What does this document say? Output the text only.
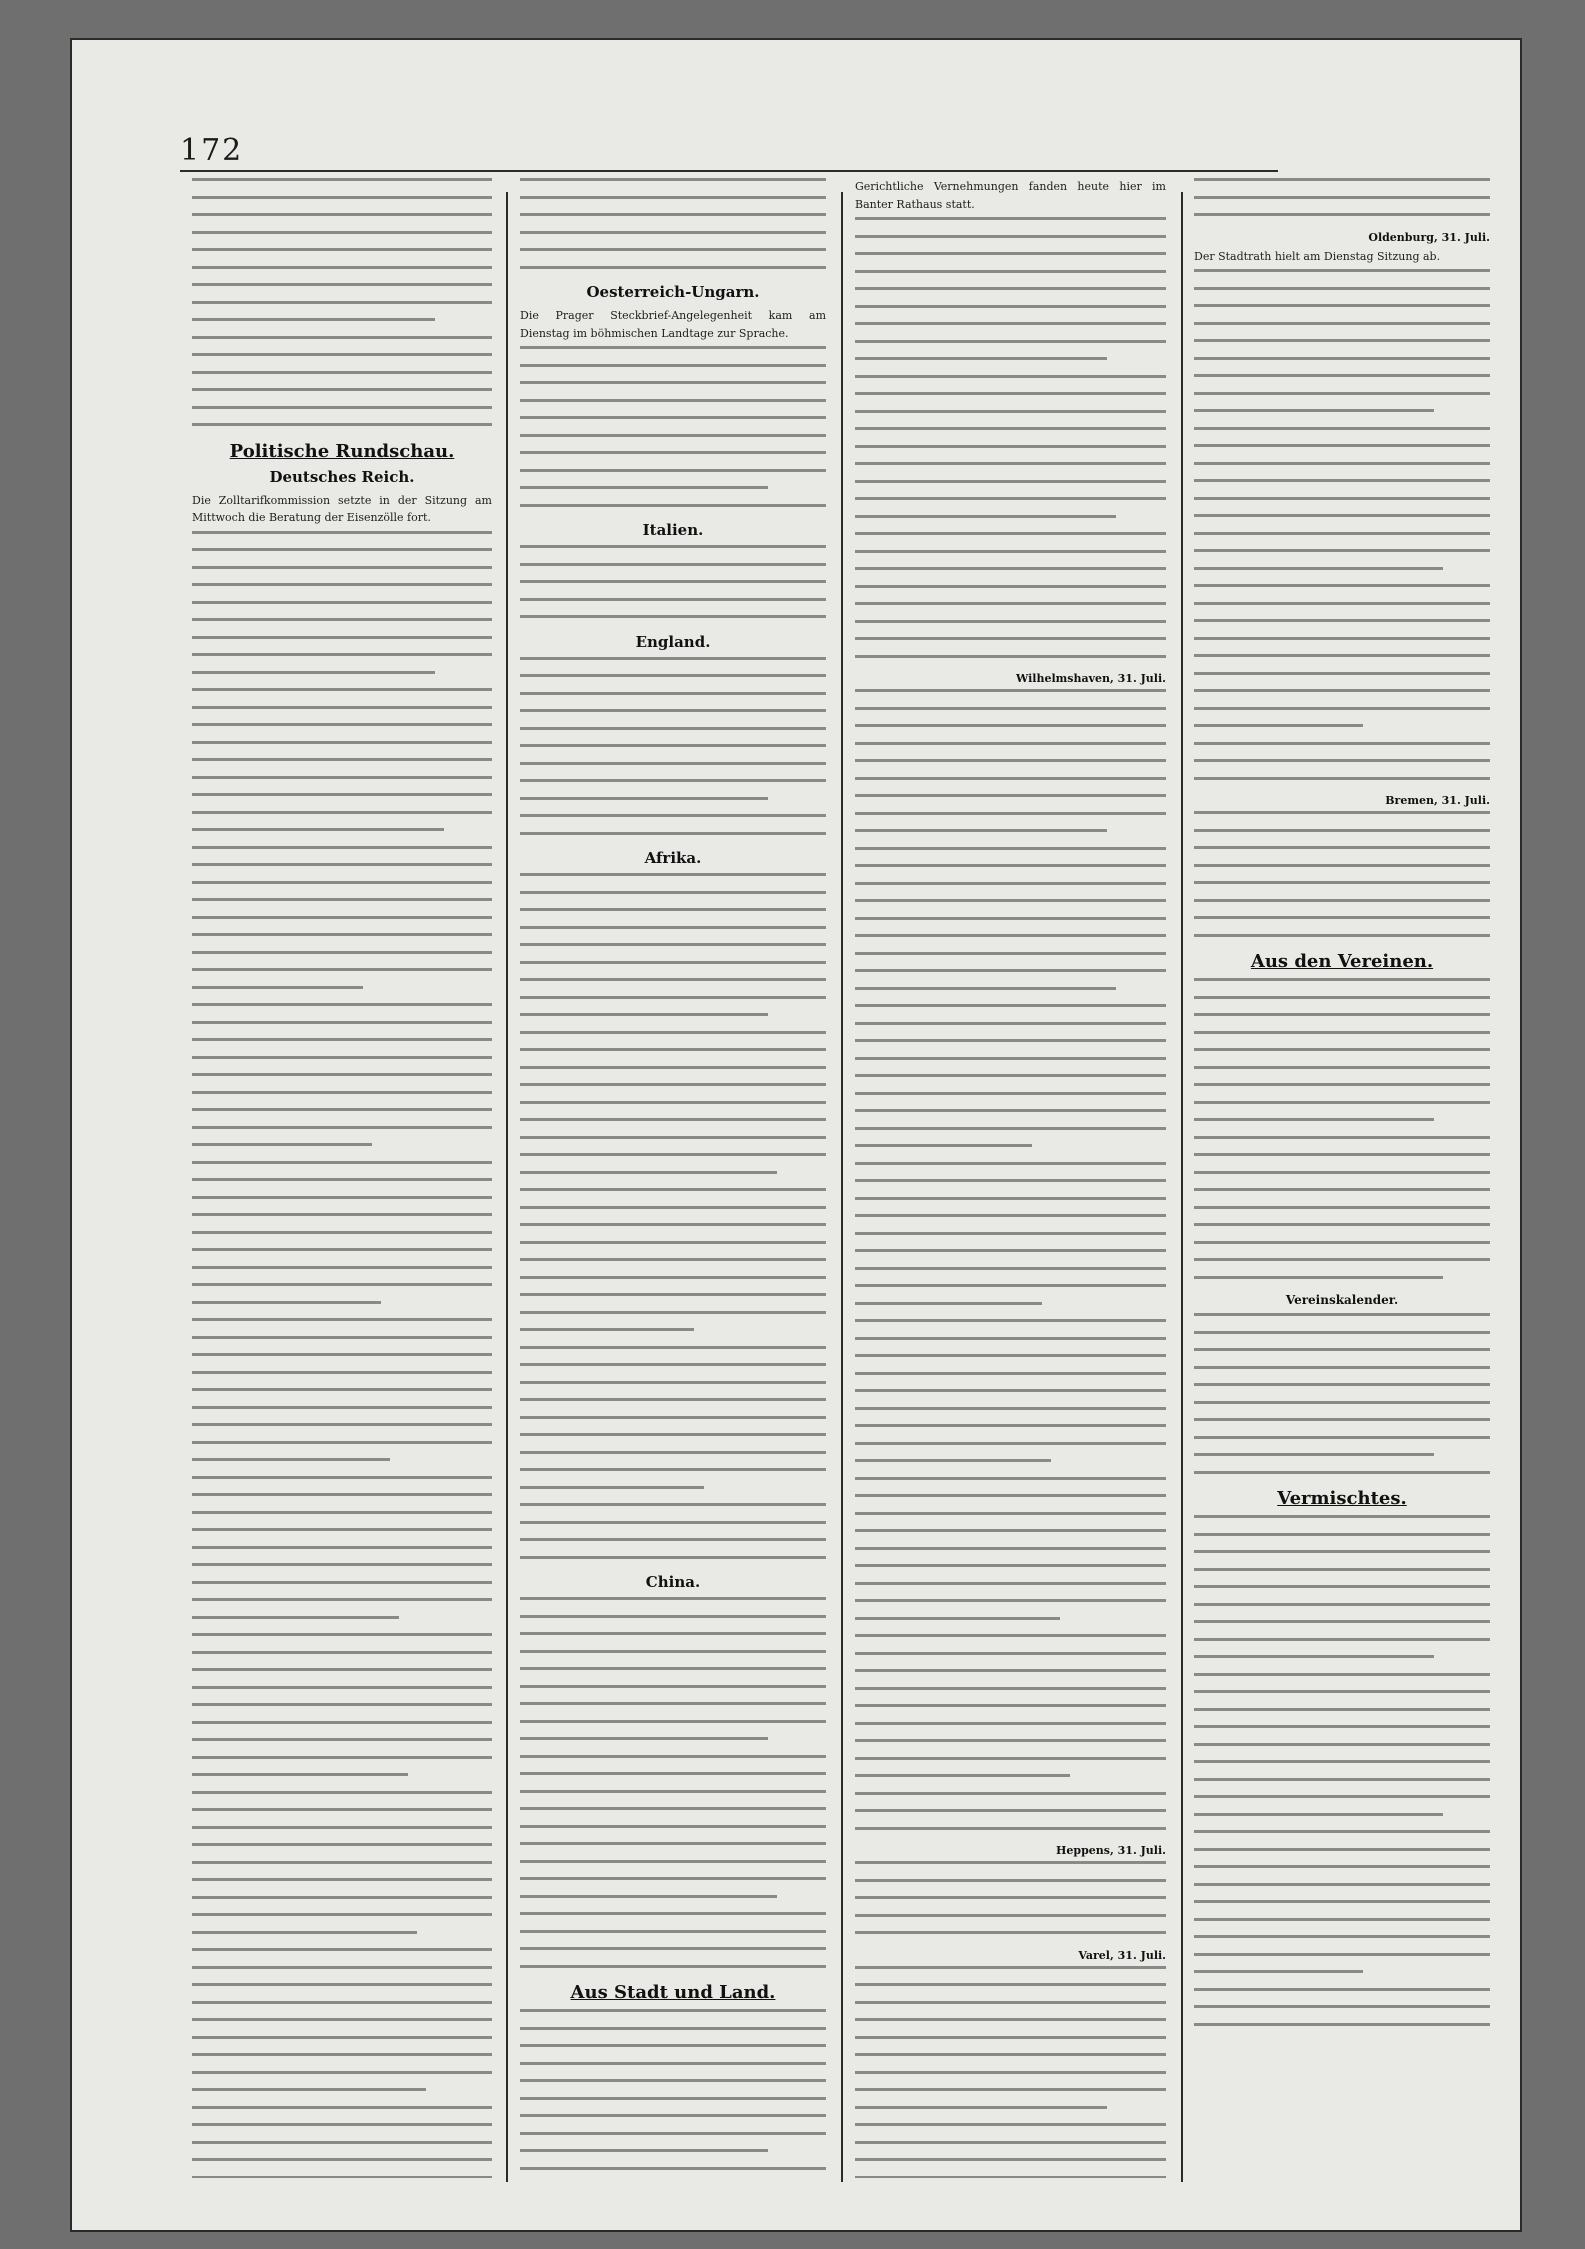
172
Politische Rundschau.
Deutsches Reich.
Die Zolltarifkommission setzte in der Sitzung am Mittwoch die Beratung der Eisenzölle fort.
Oesterreich-Ungarn.
Die Prager Steckbrief-Angelegenheit kam am Dienstag im böhmischen Landtage zur Sprache.
Italien.
England.
Afrika.
China.
Aus Stadt und Land.
Gerichtliche Vernehmungen fanden heute hier im Banter Rathaus statt.
Wilhelmshaven, 31. Juli.
Heppens, 31. Juli.
Varel, 31. Juli.
Oldenburg, 31. Juli.
Der Stadtrath hielt am Dienstag Sitzung ab.
Bremen, 31. Juli.
Aus den Vereinen.
Vereinskalender.
Vermischtes.
